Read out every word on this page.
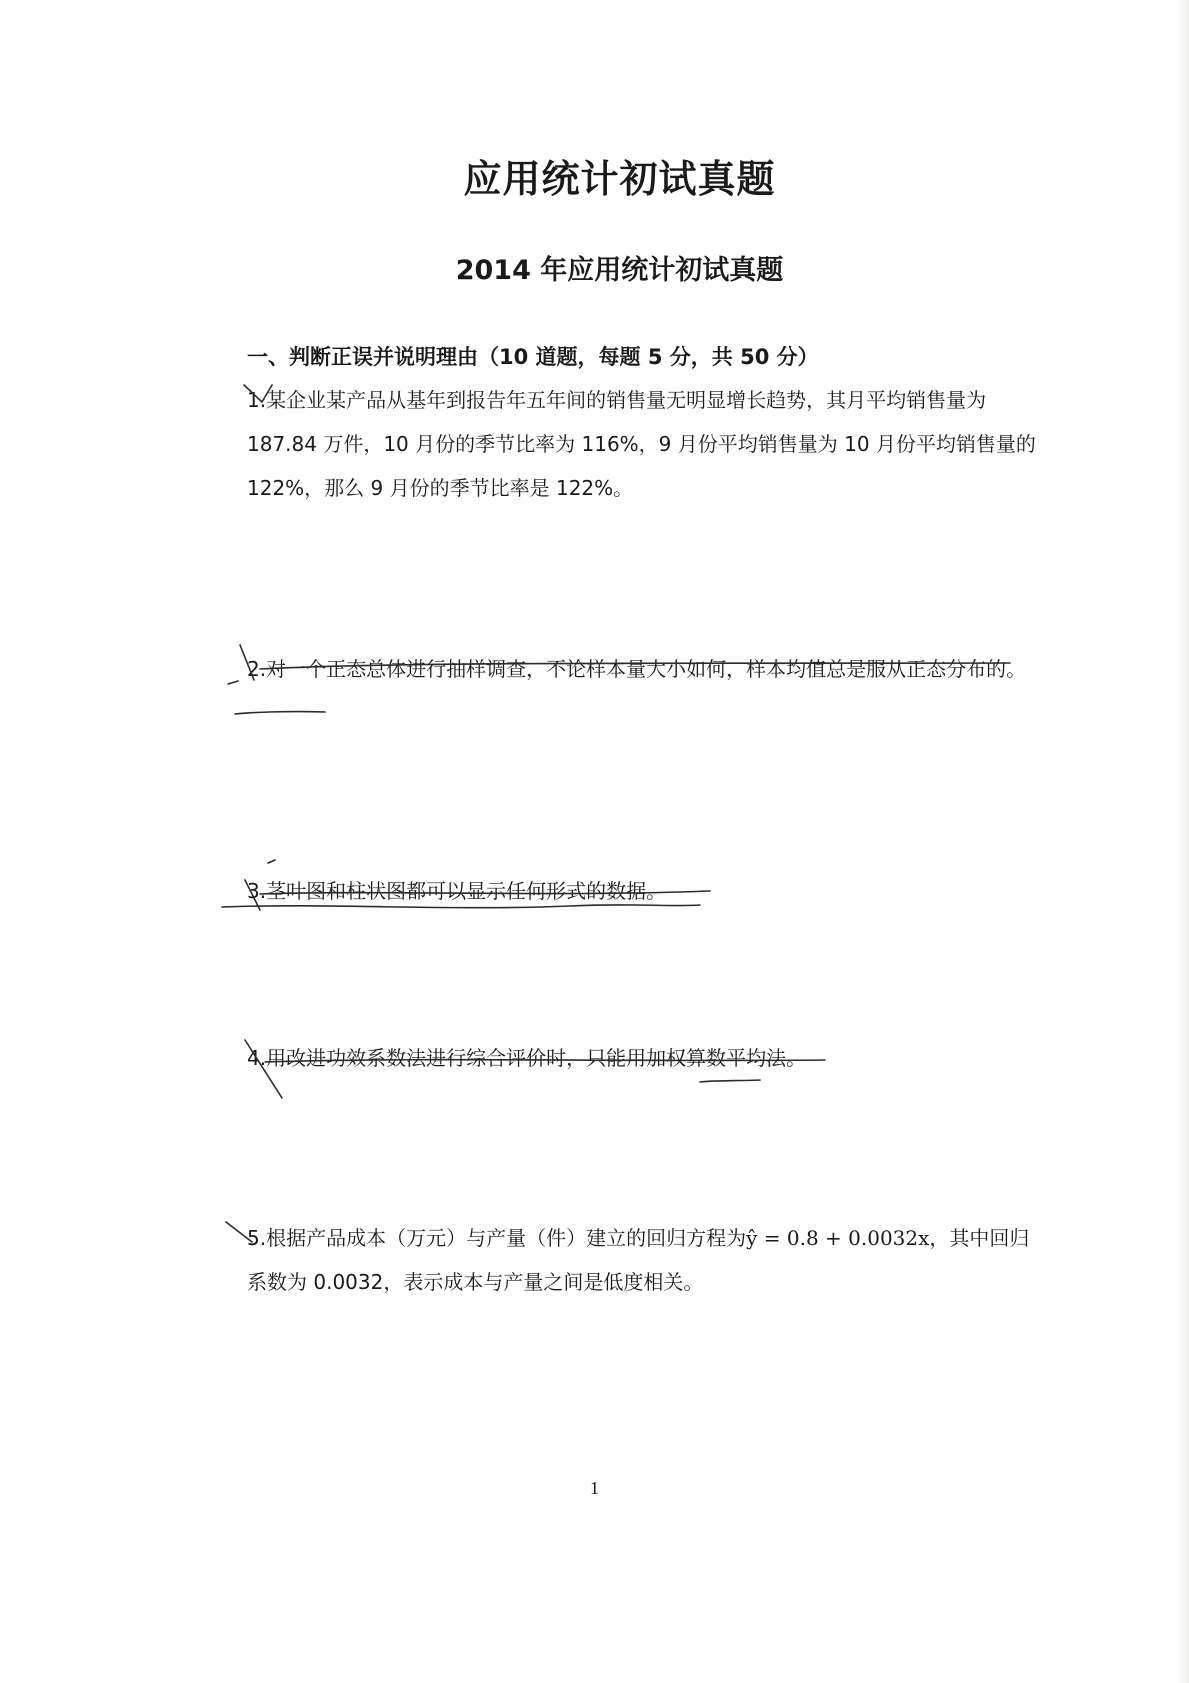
应用统计初试真题
2014 年应用统计初试真题
一、判断正误并说明理由（10 道题，每题 5 分，共 50 分）
1.某企业某产品从基年到报告年五年间的销售量无明显增长趋势，其月平均销售量为 187.84 万件，10 月份的季节比率为 116%，9 月份平均销售量为 10 月份平均销售量的 122%，那么 9 月份的季节比率是 122%。
2.对一个正态总体进行抽样调查，不论样本量大小如何，样本均值总是服从正态分布的。
3.茎叶图和柱状图都可以显示任何形式的数据。
4.用改进功效系数法进行综合评价时，只能用加权算数平均法。
5.根据产品成本（万元）与产量（件）建立的回归方程为ŷ = 0.8 + 0.0032x，其中回归系数为 0.0032，表示成本与产量之间是低度相关。
1
